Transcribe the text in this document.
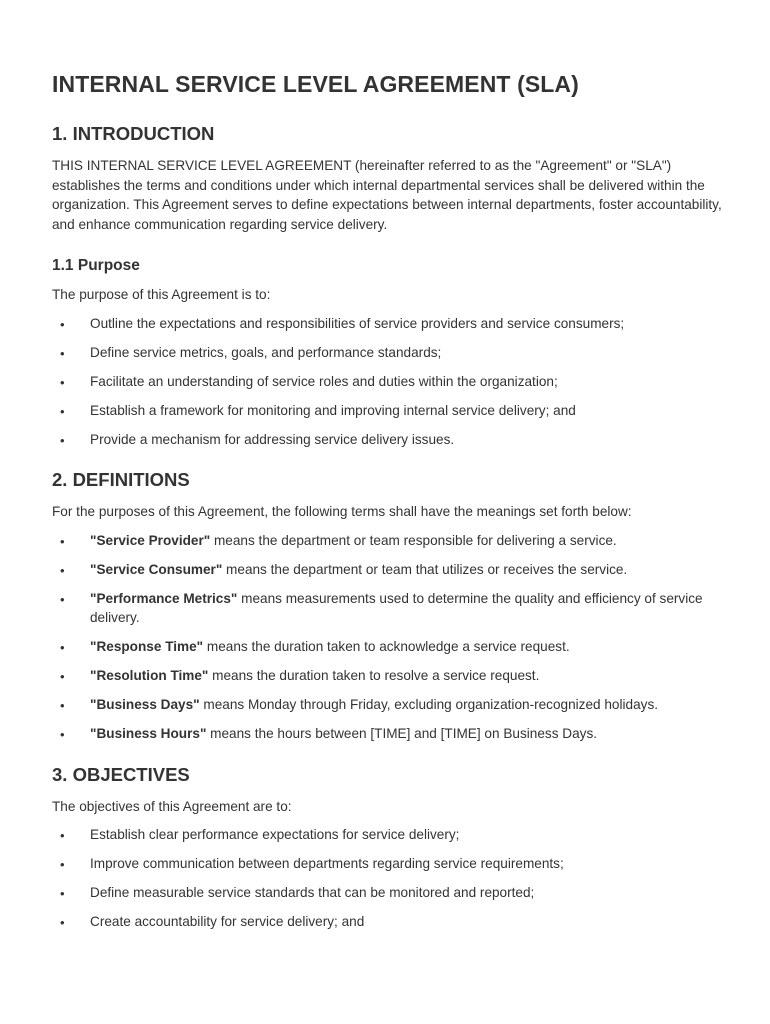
INTERNAL SERVICE LEVEL AGREEMENT (SLA)
1. INTRODUCTION

THIS INTERNAL SERVICE LEVEL AGREEMENT (hereinafter referred to as the "Agreement" or "SLA") establishes the terms and conditions under which internal departmental services shall be delivered within the organization. This Agreement serves to define expectations between internal departments, foster accountability, and enhance communication regarding service delivery.

1.1 Purpose

The purpose of this Agreement is to:

• Outline the expectations and responsibilities of service providers and service consumers;
• Define service metrics, goals, and performance standards;
• Facilitate an understanding of service roles and duties within the organization;
• Establish a framework for monitoring and improving internal service delivery; and
• Provide a mechanism for addressing service delivery issues.
2. DEFINITIONS

For the purposes of this Agreement, the following terms shall have the meanings set forth below:

• "Service Provider" means the department or team responsible for delivering a service.
• "Service Consumer" means the department or team that utilizes or receives the service.
• "Performance Metrics" means measurements used to determine the quality and efficiency of service delivery.
• "Response Time" means the duration taken to acknowledge a service request.
• "Resolution Time" means the duration taken to resolve a service request.
• "Business Days" means Monday through Friday, excluding organization-recognized holidays.
• "Business Hours" means the hours between [TIME] and [TIME] on Business Days.
3. OBJECTIVES

The objectives of this Agreement are to:

• Establish clear performance expectations for service delivery;
• Improve communication between departments regarding service requirements;
• Define measurable service standards that can be monitored and reported;
• Create accountability for service delivery; and
